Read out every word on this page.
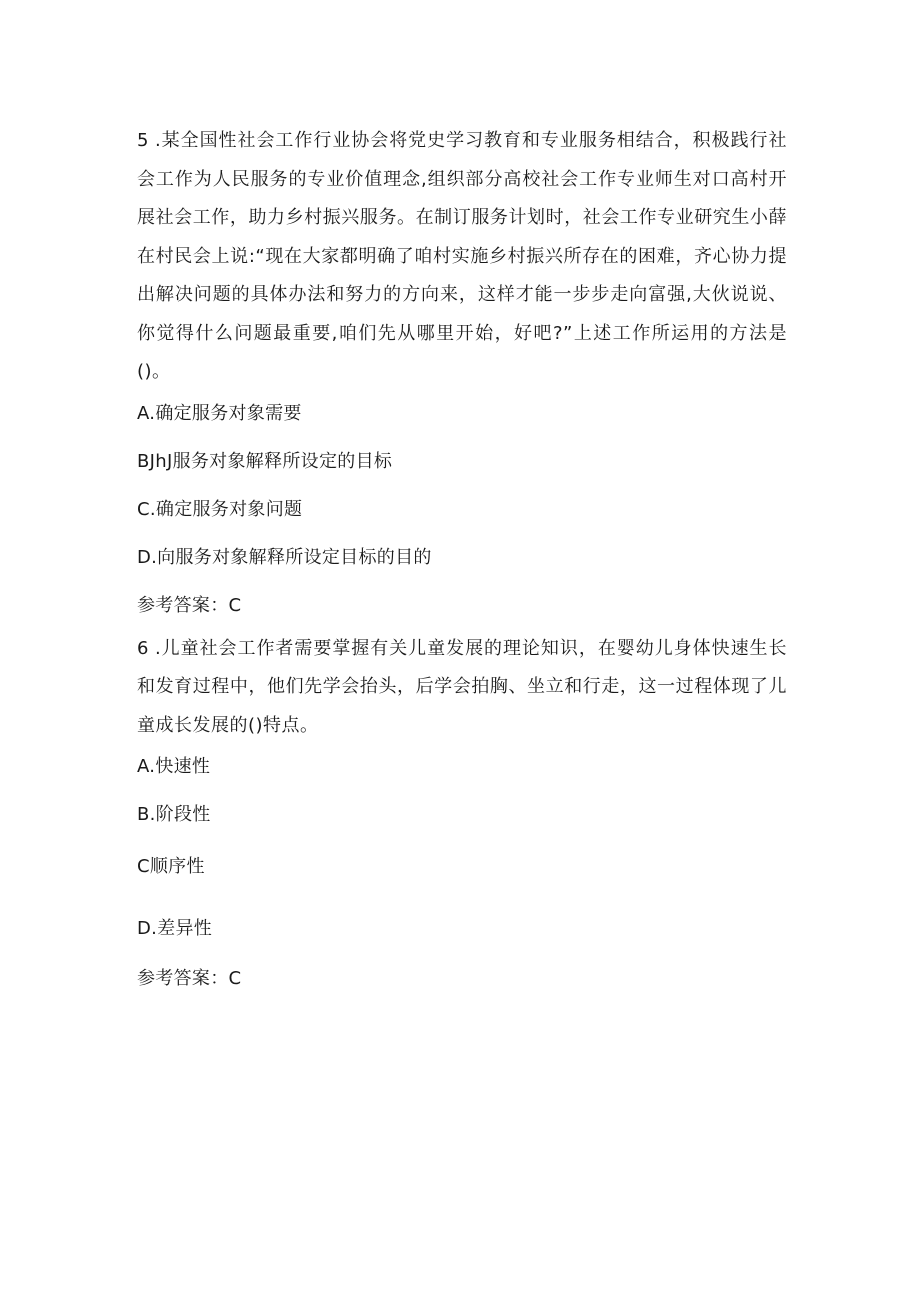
5 .某全国性社会工作行业协会将党史学习教育和专业服务相结合，积极践行社会工作为人民服务的专业价值理念,组织部分高校社会工作专业师生对口高村开展社会工作，助力乡村振兴服务。在制订服务计划时，社会工作专业研究生小薛在村民会上说:“现在大家都明确了咱村实施乡村振兴所存在的困难，齐心协力提出解决问题的具体办法和努力的方向来，这样才能一步步走向富强,大伙说说、你觉得什么问题最重要,咱们先从哪里开始，好吧?”上述工作所运用的方法是()。

A.确定服务对象需要

BJhJ服务对象解释所设定的目标

C.确定服务对象问题

D.向服务对象解释所设定目标的目的

参考答案：C

6 .儿童社会工作者需要掌握有关儿童发展的理论知识，在婴幼儿身体快速生长和发育过程中，他们先学会抬头，后学会拍胸、坐立和行走，这一过程体现了儿童成长发展的()特点。

A.快速性

B.阶段性

C顺序性

D.差异性

参考答案：C
